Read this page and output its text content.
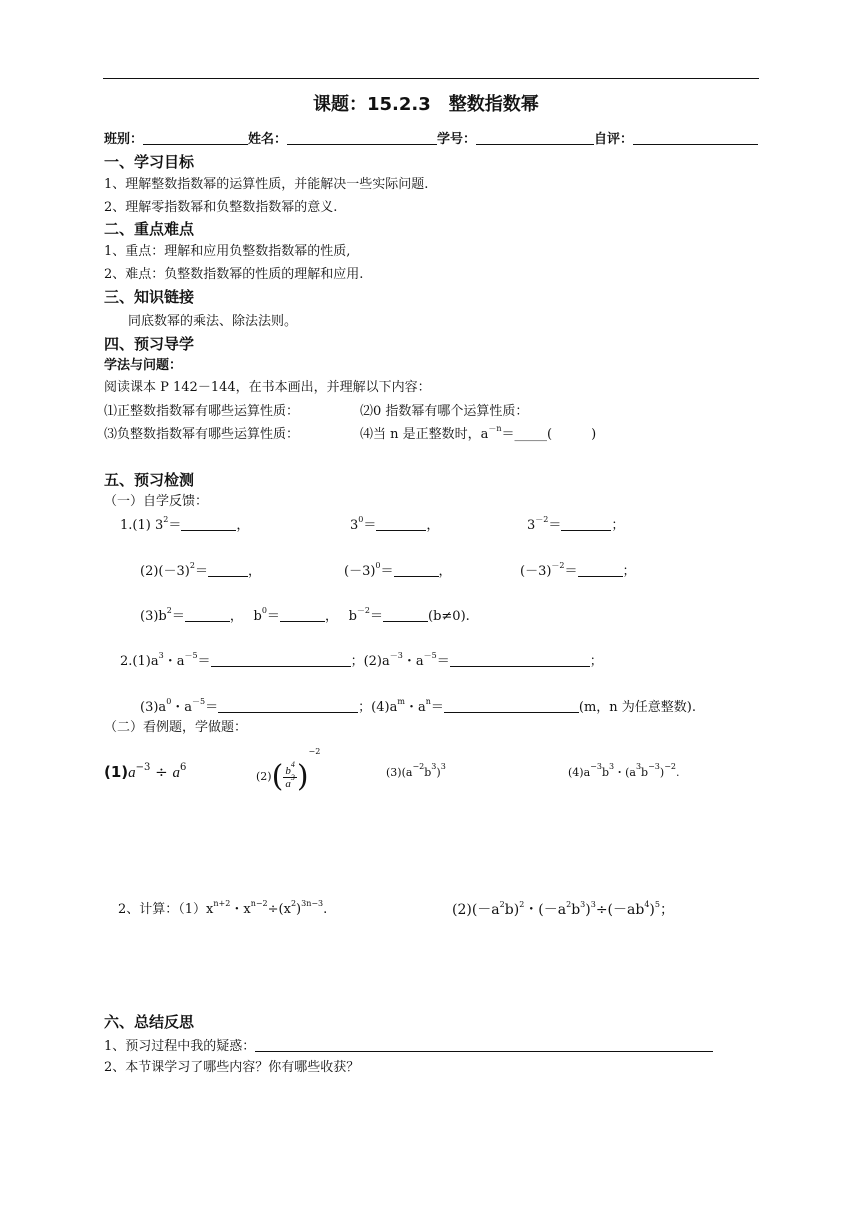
课题：15.2.3　整数指数幂
班别：	姓名：	学号：	自评：
一、学习目标
1、理解整数指数幂的运算性质，并能解决一些实际问题.
2、理解零指数幂和负整数指数幂的意义.
二、重点难点
1、重点：理解和应用负整数指数幂的性质,
2、难点：负整数指数幂的性质的理解和应用.
三、知识链接
同底数幂的乘法、除法法则。
四、预习导学
学法与问题：
阅读课本 P 142－144，在书本画出，并理解以下内容：
⑴正整数指数幂有哪些运算性质：	⑵0 指数幂有哪个运算性质：
⑶负整数指数幂有哪些运算性质：	⑷当 n 是正整数时，$a^{-n}=\_\_\_\_\_$(　　　)
五、预习检测
（一）自学反馈：
1.(1) $3^2=$	，	$3^0=$	，	$3^{-2}=$	；
$(2)(-3)^2=$	，	$(-3)^0=$	，	$(-3)^{-2}=$	；
$(3)b^2=$	，　 $b^0=$	，　 $b^{-2}=$	(b≠0).
$2.(1)a^3$・$a^{-5}=$	；$(2)a^{-3}$・$a^{-5}=$	；
$(3)a^0$・$a^{-5}=$	；$(4)a^m$・$a^n=$	(m，n 为任意整数).
（二）看例题，学做题：
$(1)a^{-3} \div a^6$
$(2)( \frac{b^4}{a^3} )^{-2}$
$(3)(a^{-2}b^3)^3$	$(4)a^{-3}b^3$・$(a^3b^{-3})^{-2}$.
2、计算：$(1)x^{n+2}$・$x^{n-2}\div(x^2)^{3n-3}$.	$(2)(-a^2b)^2$・$(-a^2b^3)^3\div(-ab^4)^5$；
六、总结反思
1、预习过程中我的疑惑：
2、本节课学习了哪些内容？你有哪些收获？
